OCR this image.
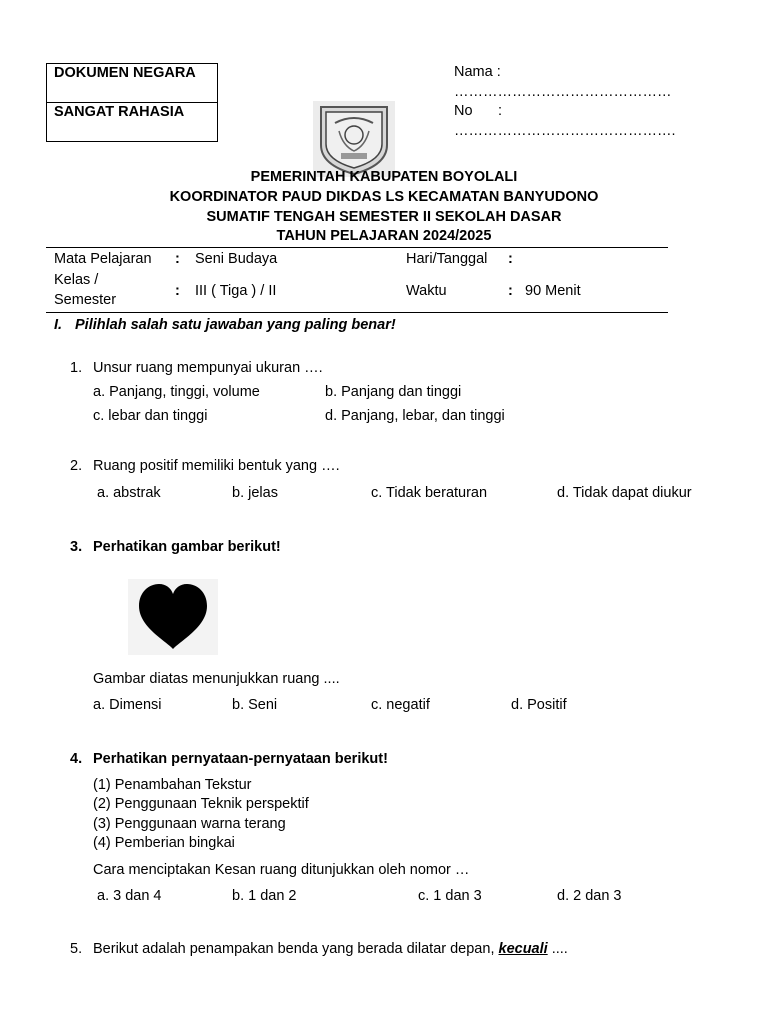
DOKUMEN NEGARA
SANGAT RAHASIA
Nama :
………………………………………
No :
……………………………………….
PEMERINTAH KABUPATEN BOYOLALI
KOORDINATOR PAUD DIKDAS LS KECAMATAN BANYUDONO
SUMATIF TENGAH SEMESTER II SEKOLAH DASAR
TAHUN PELAJARAN 2024/2025
Mata Pelajaran : Seni Budaya	Hari/Tanggal :
Kelas /
Semester
: III ( Tiga ) / II	Waktu	: 90 Menit
I. Pilihlah salah satu jawaban yang paling benar!
1. Unsur ruang mempunyai ukuran ….
a. Panjang, tinggi, volume	b. Panjang dan tinggi
c. lebar dan tinggi	d. Panjang, lebar, dan tinggi
2. Ruang positif memiliki bentuk yang ….
a. abstrak	b. jelas	c. Tidak beraturan	d. Tidak dapat diukur
3. Perhatikan gambar berikut!
Gambar diatas menunjukkan ruang ....
a. Dimensi	b. Seni	c. negatif	d. Positif
4. Perhatikan pernyataan-pernyataan berikut!
(1) Penambahan Tekstur
(2) Penggunaan Teknik perspektif
(3) Penggunaan warna terang
(4) Pemberian bingkai
Cara menciptakan Kesan ruang ditunjukkan oleh nomor …
a. 3 dan 4	b. 1 dan 2	c. 1 dan 3	d. 2 dan 3
5. Berikut adalah penampakan benda yang berada dilatar depan, kecuali ....
